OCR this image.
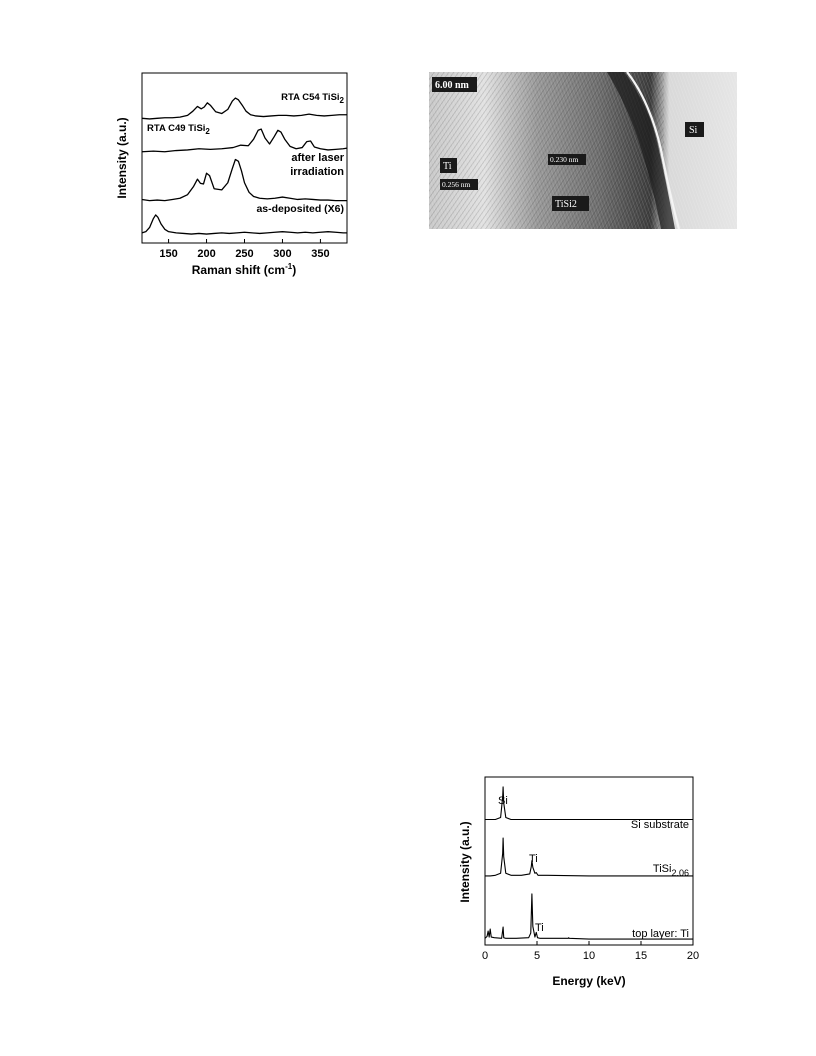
150 200 250 300 350
RTA C54 TiSi$_2$
RTA C49 TiSi$_2$
after laser
irradiation
as-deposited (X6)
Raman shift $(cm^{-1})$
Intensity (a.u.)
6.00 nm
Ti
0.256 nm
0.230 nm
TiSi2
Si
0	5	10	15	20
Si
Ti
Ti
Si substrate
TiSi$_{2.06}$
top layer: Ti
Energy (keV)
Intensity (a.u.)
